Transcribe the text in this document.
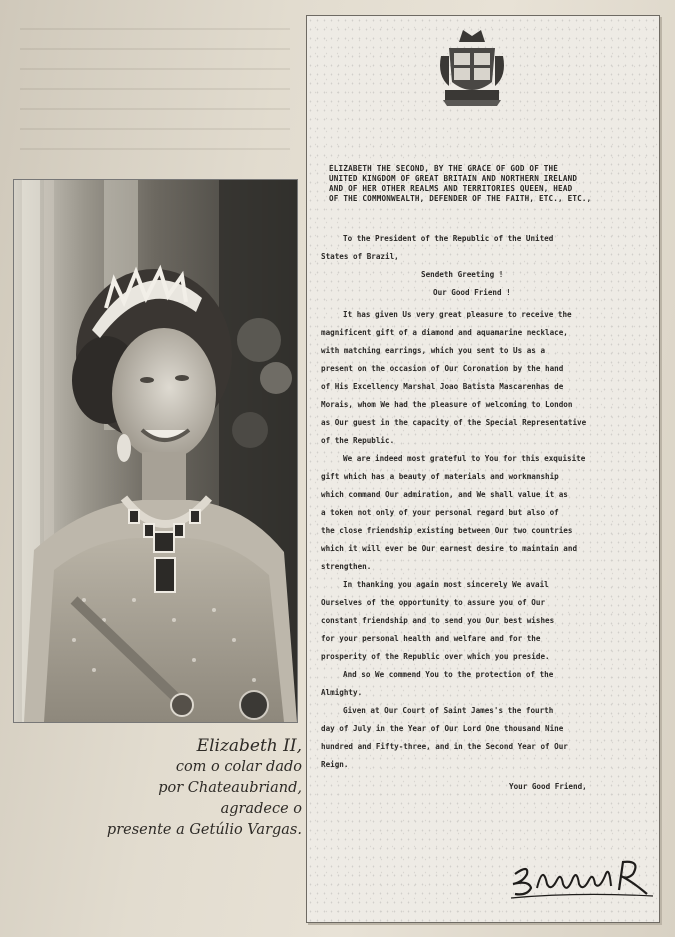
Elizabeth II,
com o colar dado
por Chateaubriand,
agradece o
presente a Getúlio Vargas.
ELIZABETH THE SECOND, BY THE GRACE OF GOD OF THE
UNITED KINGDOM OF GREAT BRITAIN AND NORTHERN IRELAND
AND OF HER OTHER REALMS AND TERRITORIES QUEEN, HEAD
OF THE COMMONWEALTH, DEFENDER OF THE FAITH, ETC., ETC.,
To the President of the Republic of the United
States of Brazil,
Sendeth Greeting !
Our Good Friend !
It has given Us very great pleasure to receive the
magnificent gift of a diamond and aquamarine necklace,
with matching earrings, which you sent to Us as a
present on the occasion of Our Coronation by the hand
of His Excellency Marshal Joao Batista Mascarenhas de
Morais, whom We had the pleasure of welcoming to London
as Our guest in the capacity of the Special Representative
of the Republic.
We are indeed most grateful to You for this exquisite
gift which has a beauty of materials and workmanship
which command Our admiration, and We shall value it as
a token not only of your personal regard but also of
the close friendship existing between Our two countries
which it will ever be Our earnest desire to maintain and
strengthen.
In thanking you again most sincerely We avail
Ourselves of the opportunity to assure you of Our
constant friendship and to send you Our best wishes
for your personal health and welfare and for the
prosperity of the Republic over which you preside.
And so We commend You to the protection of the
Almighty.
Given at Our Court of Saint James's the fourth
day of July in the Year of Our Lord One thousand Nine
hundred and Fifty-three, and in the Second Year of Our
Reign.
Your Good Friend,
